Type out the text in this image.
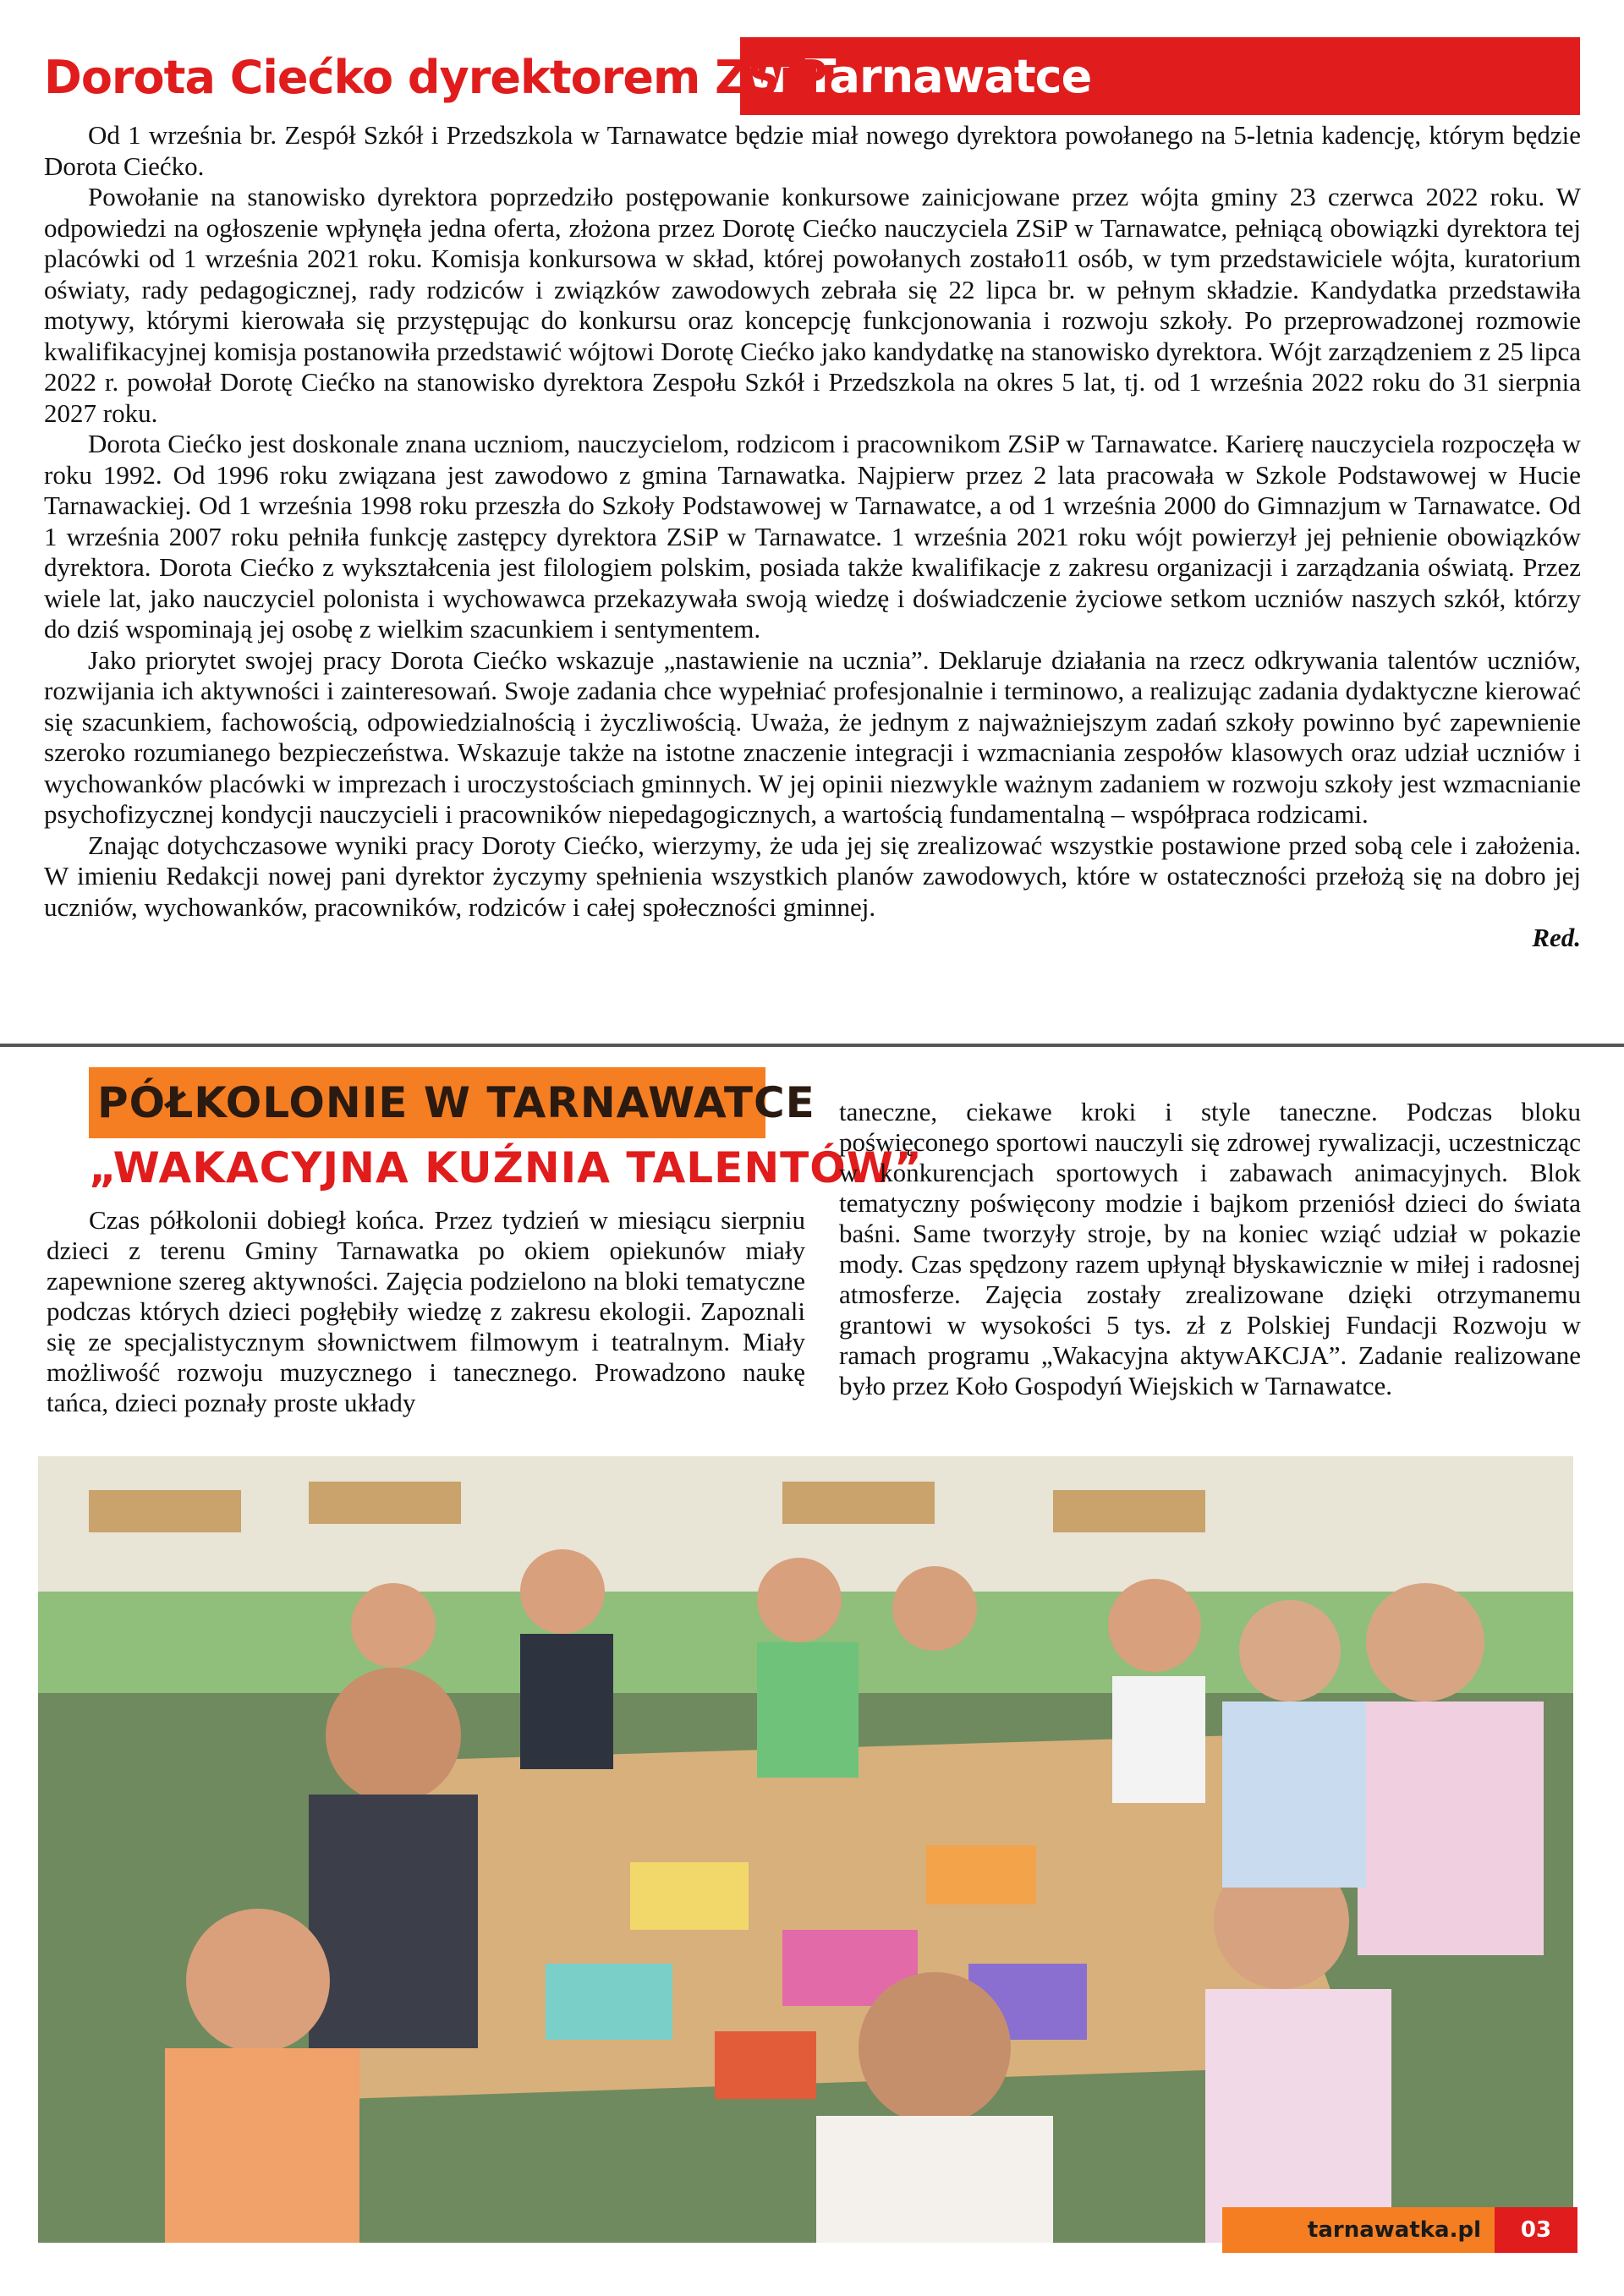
w Tarnawatce
Dorota Ciećko dyrektorem ZSiP

Od 1 września br. Zespół Szkół i Przedszkola w Tarnawatce będzie miał nowego dyrektora powołanego na 5-letnia kadencję, którym będzie Dorota Ciećko.

Powołanie na stanowisko dyrektora poprzedziło postępowanie konkursowe zainicjowane przez wójta gminy 23 czerwca 2022 roku. W odpowiedzi na ogłoszenie wpłynęła jedna oferta, złożona przez Dorotę Ciećko nauczyciela ZSiP w Tarnawatce, pełniącą obowiązki dyrektora tej placówki od 1 września 2021 roku. Komisja konkursowa w skład, której powołanych zostało11 osób, w tym przedstawiciele wójta, kuratorium oświaty, rady pedagogicznej, rady rodziców i związków zawodowych zebrała się 22 lipca br. w pełnym składzie. Kandydatka przedstawiła motywy, którymi kierowała się przystępując do konkursu oraz koncepcję funkcjonowania i rozwoju szkoły. Po przeprowadzonej rozmowie kwalifikacyjnej komisja postanowiła przedstawić wójtowi Dorotę Ciećko jako kandydatkę na stanowisko dyrektora. Wójt zarządzeniem z 25 lipca 2022 r. powołał Dorotę Ciećko na stanowisko dyrektora Zespołu Szkół i Przedszkola na okres 5 lat, tj. od 1 września 2022 roku do 31 sierpnia 2027 roku.

Dorota Ciećko jest doskonale znana uczniom, nauczycielom, rodzicom i pracownikom ZSiP w Tarnawatce. Karierę nauczyciela rozpoczęła w roku 1992. Od 1996 roku związana jest zawodowo z gmina Tarnawatka. Najpierw przez 2 lata pracowała w Szkole Podstawowej w Hucie Tarnawackiej. Od 1 września 1998 roku przeszła do Szkoły Podstawowej w Tarnawatce, a od 1 września 2000 do Gimnazjum w Tarnawatce. Od 1 września 2007 roku pełniła funkcję zastępcy dyrektora ZSiP w Tarnawatce. 1 września 2021 roku wójt powierzył jej pełnienie obowiązków dyrektora. Dorota Ciećko z wykształcenia jest filologiem polskim, posiada także kwalifikacje z zakresu organizacji i zarządzania oświatą. Przez wiele lat, jako nauczyciel polonista i wychowawca przekazywała swoją wiedzę i doświadczenie życiowe setkom uczniów naszych szkół, którzy do dziś wspominają jej osobę z wielkim szacunkiem i sentymentem.

Jako priorytet swojej pracy Dorota Ciećko wskazuje „nastawienie na ucznia”. Deklaruje działania na rzecz odkrywania talentów uczniów, rozwijania ich aktywności i zainteresowań. Swoje zadania chce wypełniać profesjonalnie i terminowo, a realizując zadania dydaktyczne kierować się szacunkiem, fachowością, odpowiedzialnością i życzliwością. Uważa, że jednym z najważniejszym zadań szkoły powinno być zapewnienie szeroko rozumianego bezpieczeństwa. Wskazuje także na istotne znaczenie integracji i wzmacniania zespołów klasowych oraz udział uczniów i wychowanków placówki w imprezach i uroczystościach gminnych. W jej opinii niezwykle ważnym zadaniem w rozwoju szkoły jest wzmacnianie psychofizycznej kondycji nauczycieli i pracowników niepedagogicznych, a wartością fundamentalną – współpraca rodzicami.

Znając dotychczasowe wyniki pracy Doroty Ciećko, wierzymy, że uda jej się zrealizować wszystkie postawione przed sobą cele i założenia. W imieniu Redakcji nowej pani dyrektor życzymy spełnienia wszystkich planów zawodowych, które w ostateczności przełożą się na dobro jej uczniów, wychowanków, pracowników, rodziców i całej społeczności gminnej.

Red.

PÓŁKOLONIE W TARNAWATCE
„WAKACYJNA KUŹNIA TALENTÓW”

Czas półkolonii dobiegł końca. Przez tydzień w miesiącu sierpniu dzieci z terenu Gminy Tarnawatka po okiem opiekunów miały zapewnione szereg aktywności. Zajęcia podzielono na bloki tematyczne podczas których dzieci pogłębiły wiedzę z zakresu ekologii. Zapoznali się ze specjalistycznym słownictwem filmowym i teatralnym. Miały możliwość rozwoju muzycznego i tanecznego. Prowadzono naukę tańca, dzieci poznały proste układy

taneczne, ciekawe kroki i style taneczne. Podczas bloku poświęconego sportowi nauczyli się zdrowej rywalizacji, uczestnicząc w konkurencjach sportowych i zabawach animacyjnych. Blok tematyczny poświęcony modzie i bajkom przeniósł dzieci do świata baśni. Same tworzyły stroje, by na koniec wziąć udział w pokazie mody. Czas spędzony razem upłynął błyskawicznie w miłej i radosnej atmosferze. Zajęcia zostały zrealizowane dzięki otrzymanemu grantowi w wysokości 5 tys. zł z Polskiej Fundacji Rozwoju w ramach programu „Wakacyjna aktywAKCJA”. Zadanie realizowane było przez Koło Gospodyń Wiejskich w Tarnawatce.

tarnawatka.pl	03
